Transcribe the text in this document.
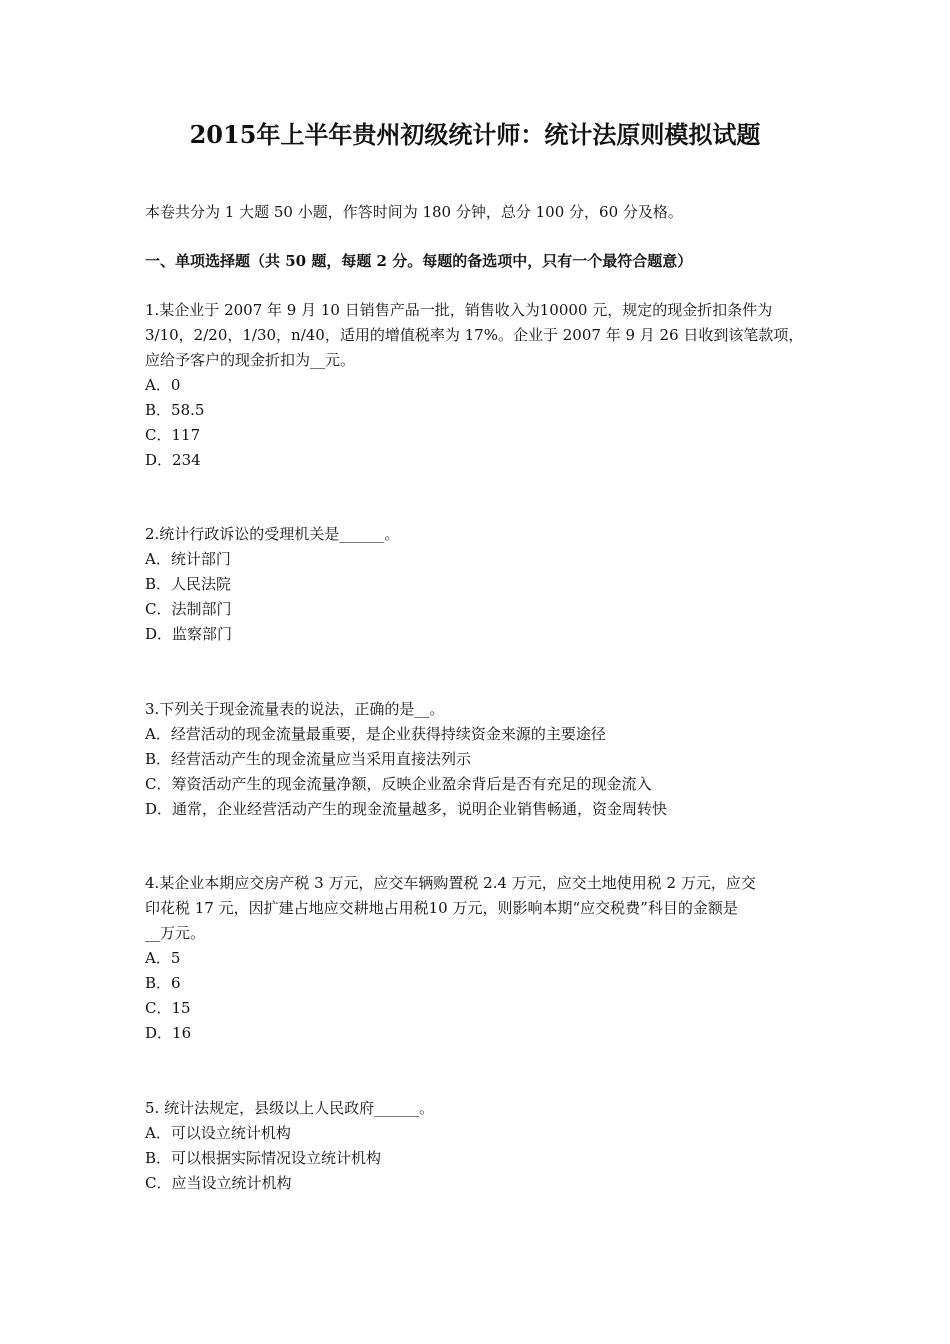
2015年上半年贵州初级统计师：统计法原则模拟试题
本卷共分为 1 大题 50 小题，作答时间为 180 分钟，总分 100 分，60 分及格。
一、单项选择题（共 50 题，每题 2 分。每题的备选项中，只有一个最符合题意）
1.某企业于 2007 年 9 月 10 日销售产品一批，销售收入为10000 元，规定的现金折扣条件为
3/10，2/20，1/30，n/40，适用的增值税率为 17%。企业于 2007 年 9 月 26 日收到该笔款项，
应给予客户的现金折扣为__元。
A．0
B．58.5
C．117
D．234
2.统计行政诉讼的受理机关是______。
A．统计部门
B．人民法院
C．法制部门
D．监察部门
3.下列关于现金流量表的说法，正确的是__。
A．经营活动的现金流量最重要，是企业获得持续资金来源的主要途径
B．经营活动产生的现金流量应当采用直接法列示
C．筹资活动产生的现金流量净额，反映企业盈余背后是否有充足的现金流入
D．通常，企业经营活动产生的现金流量越多，说明企业销售畅通，资金周转快
4.某企业本期应交房产税 3 万元，应交车辆购置税 2.4 万元，应交土地使用税 2 万元，应交
印花税 17 元，因扩建占地应交耕地占用税10 万元，则影响本期“应交税费”科目的金额是
__万元。
A．5
B．6
C．15
D．16
5. 统计法规定，县级以上人民政府______。
A．可以设立统计机构
B．可以根据实际情况设立统计机构
C．应当设立统计机构
